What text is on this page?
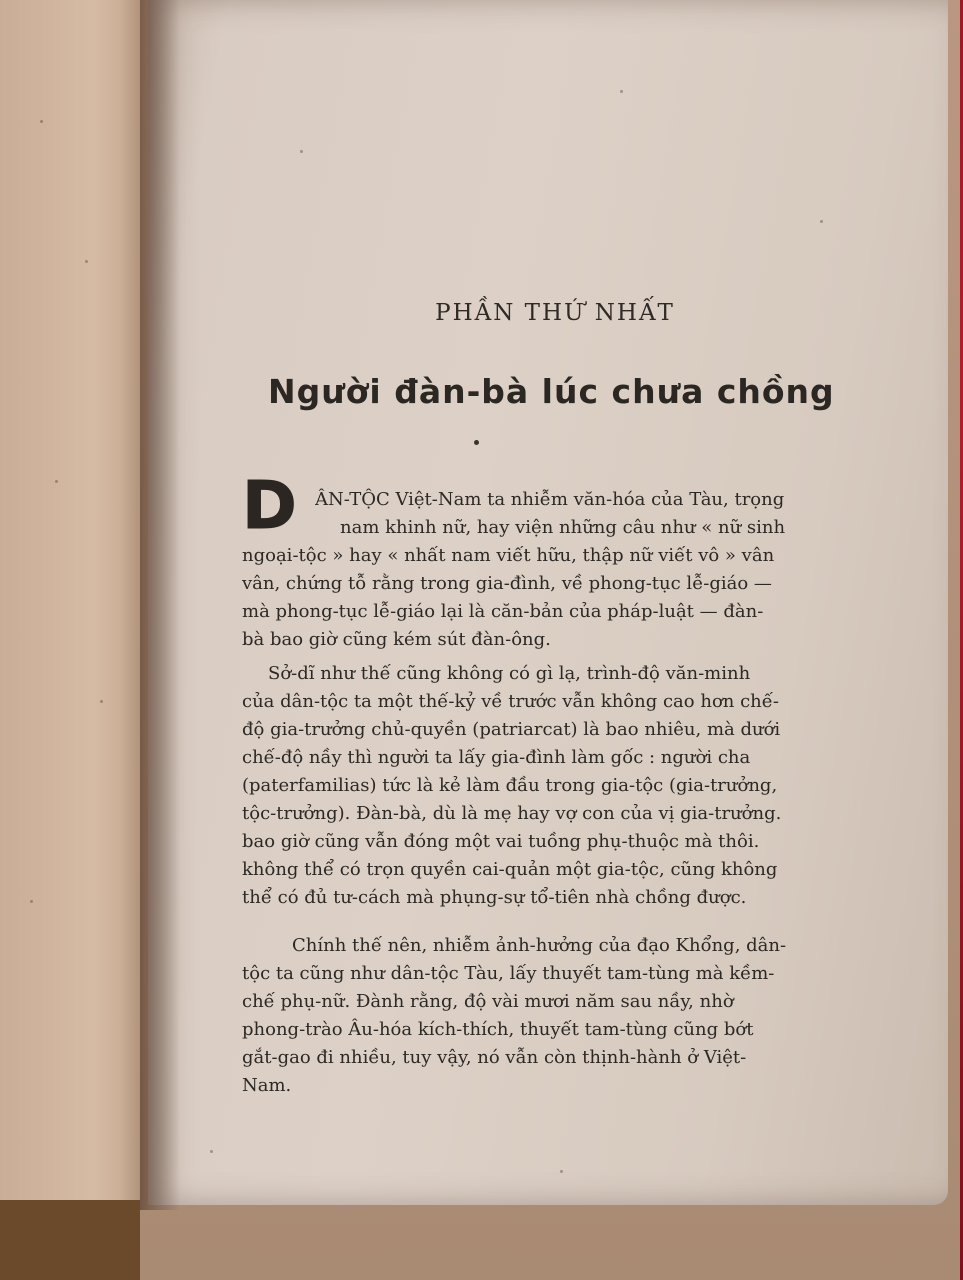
PHẦN THỨ NHẤT
Người đàn-bà lúc chưa chồng
D	ÂN-TỘC Việt-Nam ta nhiễm văn-hóa của Tàu, trọng
nam khinh nữ, hay viện những câu như « nữ sinh
ngoại-tộc » hay « nhất nam viết hữu, thập nữ viết vô » vân
vân, chứng tỗ rằng trong gia-đình, về phong-tục lễ-giáo —
mà phong-tục lễ-giáo lại là căn-bản của pháp-luật — đàn-
bà bao giờ cũng kém sút đàn-ông.
Sở-dĩ như thế cũng không có gì lạ, trình-độ văn-minh
của dân-tộc ta một thế-kỷ về trước vẫn không cao hơn chế-
độ gia-trưởng chủ-quyền (patriarcat) là bao nhiêu, mà dưới
chế-độ nầy thì người ta lấy gia-đình làm gốc : người cha
(paterfamilias) tức là kẻ làm đầu trong gia-tộc (gia-trưởng,
tộc-trưởng). Đàn-bà, dù là mẹ hay vợ con của vị gia-trưởng.
bao giờ cũng vẫn đóng một vai tuồng phụ-thuộc mà thôi.
không thể có trọn quyền cai-quản một gia-tộc, cũng không
thể có đủ tư-cách mà phụng-sự tổ-tiên nhà chồng được.
Chính thế nên, nhiễm ảnh-hưởng của đạo Khổng, dân-
tộc ta cũng như dân-tộc Tàu, lấy thuyết tam-tùng mà kềm-
chế phụ-nữ. Đành rằng, độ vài mươi năm sau nầy, nhờ
phong-trào Âu-hóa kích-thích, thuyết tam-tùng cũng bớt
gắt-gao đi nhiều, tuy vậy, nó vẫn còn thịnh-hành ở Việt-
Nam.
